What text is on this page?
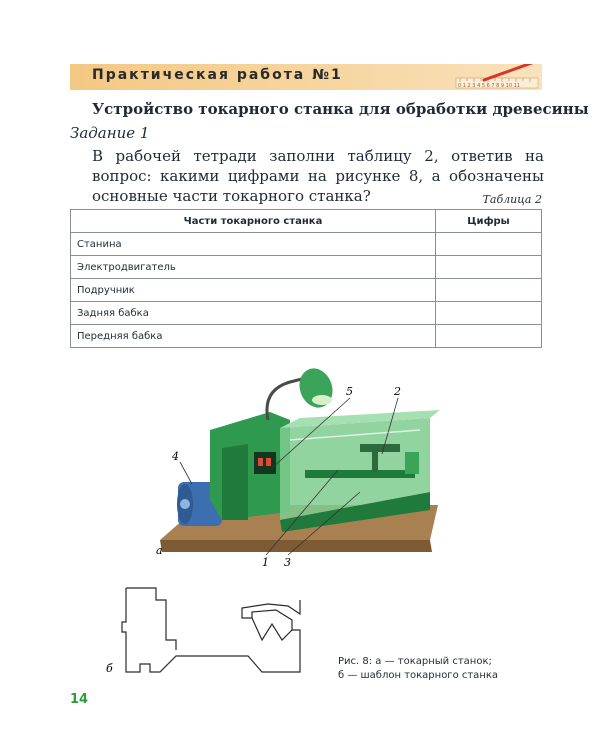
Практическая работа №1
0 1 2 3 4 5 6 7 8 9 10 11
Устройство токарного станка для обработки древесины
Задание 1
В рабочей тетради заполни таблицу 2, ответив на вопрос: какими цифрами на рисунке 8, а обозначены основные части токарного станка?	Таблица 2
Части токарного станка	Цифры
Станина	
Электродвигатель	
Подручник	
Задняя бабка	
Передняя бабка	
5	2
4
1 3
а
б
Рис. 8: а — токарный станок;
б — шаблон токарного станка
14
